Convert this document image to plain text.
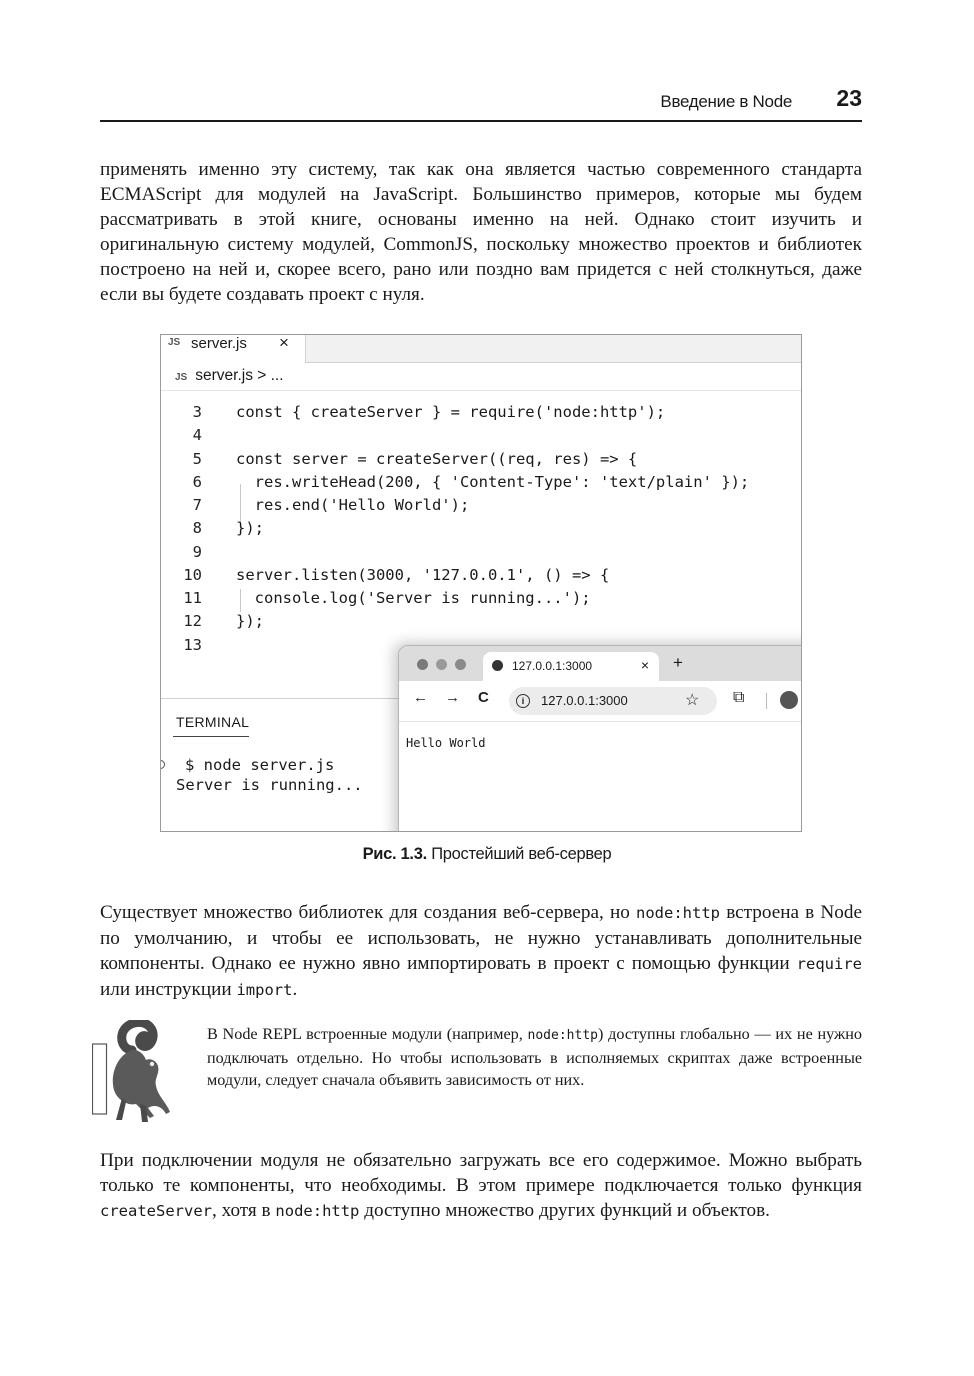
Введение в Node 23

применять именно эту систему, так как она является частью современного стандарта ECMAScript для модулей на JavaScript. Большинство примеров, которые мы будем рассматривать в этой книге, основаны именно на ней. Однако стоит изучить и оригинальную систему модулей, CommonJS, поскольку множество проектов и библиотек построено на ней и, скорее всего, рано или поздно вам придется с ней столкнуться, даже если вы будете создавать проект с нуля.

JS server.js ×
JS server.js > ...

3 const { createServer } = require('node:http');
4
5 const server = createServer((req, res) => {
6 res.writeHead(200, { 'Content-Type': 'text/plain' });
7 res.end('Hello World');
8 });
9
10 server.listen(3000, '127.0.0.1', () => {
11 console.log('Server is running...');
12 });
13
TERMINAL
$ node server.js
Server is running...
127.0.0.1:3000	× +
← → C	i	127.0.0.1:3000	☆ ⧉
Hello World
Рис. 1.3. Простейший веб-сервер

Существует множество библиотек для создания веб-сервера, но node:http встроена в Node по умолчанию, и чтобы ее использовать, не нужно устанавливать дополнительные компоненты. Однако ее нужно явно импортировать в проект с помощью функции require или инструкции import.

В Node REPL встроенные модули (например, node:http) доступны глобально — их не нужно подключать отдельно. Но чтобы использовать в исполняемых скриптах даже встроенные модули, следует сначала объявить зависимость от них.

При подключении модуля не обязательно загружать все его содержимое. Можно выбрать только те компоненты, что необходимы. В этом примере подключается только функция createServer, хотя в node:http доступно множество других функций и объектов.
